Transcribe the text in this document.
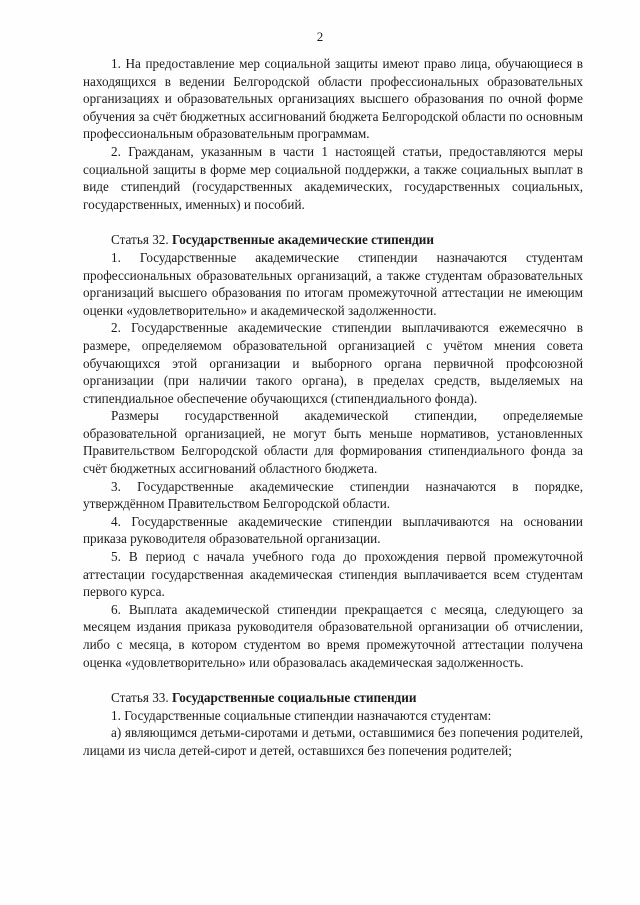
2

1. На предоставление мер социальной защиты имеют право лица, обучающиеся в находящихся в ведении Белгородской области профессиональных образовательных организациях и образовательных организациях высшего образования по очной форме обучения за счёт бюджетных ассигнований бюджета Белгородской области по основным профессиональным образовательным программам.

2. Гражданам, указанным в части 1 настоящей статьи, предоставляются меры социальной защиты в форме мер социальной поддержки, а также социальных выплат в виде стипендий (государственных академических, государственных социальных, государственных, именных) и пособий.

Статья 32. Государственные академические стипендии

1. Государственные академические стипендии назначаются студентам профессиональных образовательных организаций, а также студентам образовательных организаций высшего образования по итогам промежуточной аттестации не имеющим оценки «удовлетворительно» и академической задолженности.

2. Государственные академические стипендии выплачиваются ежемесячно в размере, определяемом образовательной организацией с учётом мнения совета обучающихся этой организации и выборного органа первичной профсоюзной организации (при наличии такого органа), в пределах средств, выделяемых на стипендиальное обеспечение обучающихся (стипендиального фонда).

Размеры государственной академической стипендии, определяемые образовательной организацией, не могут быть меньше нормативов, установленных Правительством Белгородской области для формирования стипендиального фонда за счёт бюджетных ассигнований областного бюджета.

3. Государственные академические стипендии назначаются в порядке, утверждённом Правительством Белгородской области.

4. Государственные академические стипендии выплачиваются на основании приказа руководителя образовательной организации.

5. В период с начала учебного года до прохождения первой промежуточной аттестации государственная академическая стипендия выплачивается всем студентам первого курса.

6. Выплата академической стипендии прекращается с месяца, следующего за месяцем издания приказа руководителя образовательной организации об отчислении, либо с месяца, в котором студентом во время промежуточной аттестации получена оценка «удовлетворительно» или образовалась академическая задолженность.

Статья 33. Государственные социальные стипендии

1. Государственные социальные стипендии назначаются студентам:

а) являющимся детьми-сиротами и детьми, оставшимися без попечения родителей, лицами из числа детей-сирот и детей, оставшихся без попечения родителей;
